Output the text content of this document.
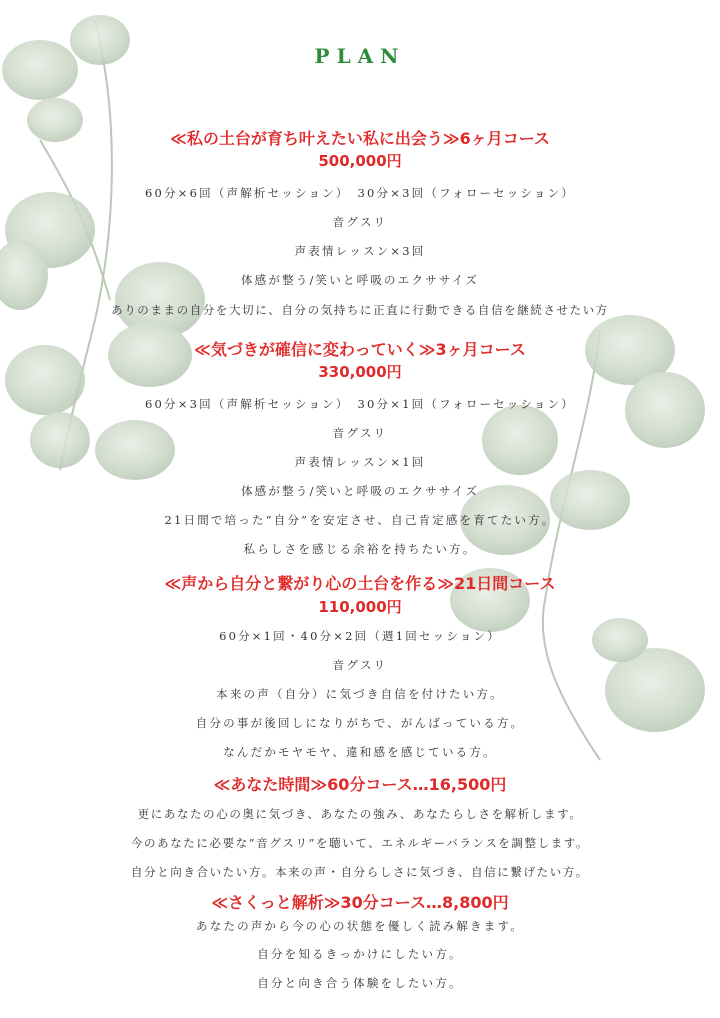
PLAN
≪私の土台が育ち叶えたい私に出会う≫6ヶ月コース
500,000円
60分×6回（声解析セッション）　30分×3回（フォローセッション）
音グスリ
声表情レッスン×3回
体感が整う/笑いと呼吸のエクササイズ
ありのままの自分を大切に、自分の気持ちに正直に行動できる自信を継続させたい方
≪気づきが確信に変わっていく≫3ヶ月コース
330,000円
60分×3回（声解析セッション）　30分×1回（フォローセッション）
音グスリ
声表情レッスン×1回
体感が整う/笑いと呼吸のエクササイズ
21日間で培った”自分”を安定させ、自己肯定感を育てたい方。
私らしさを感じる余裕を持ちたい方。
≪声から自分と繋がり心の土台を作る≫21日間コース
110,000円
60分×1回・40分×2回（週1回セッション）
音グスリ
本来の声（自分）に気づき自信を付けたい方。
自分の事が後回しになりがちで、がんばっている方。
なんだかモヤモヤ、違和感を感じている方。
≪あなた時間≫60分コース…16,500円
更にあなたの心の奥に気づき、あなたの強み、あなたらしさを解析します。
今のあなたに必要な”音グスリ”を聴いて、エネルギーバランスを調整します。
自分と向き合いたい方。本来の声・自分らしさに気づき、自信に繋げたい方。
≪さくっと解析≫30分コース…8,800円
あなたの声から今の心の状態を優しく読み解きます。
自分を知るきっかけにしたい方。
自分と向き合う体験をしたい方。
